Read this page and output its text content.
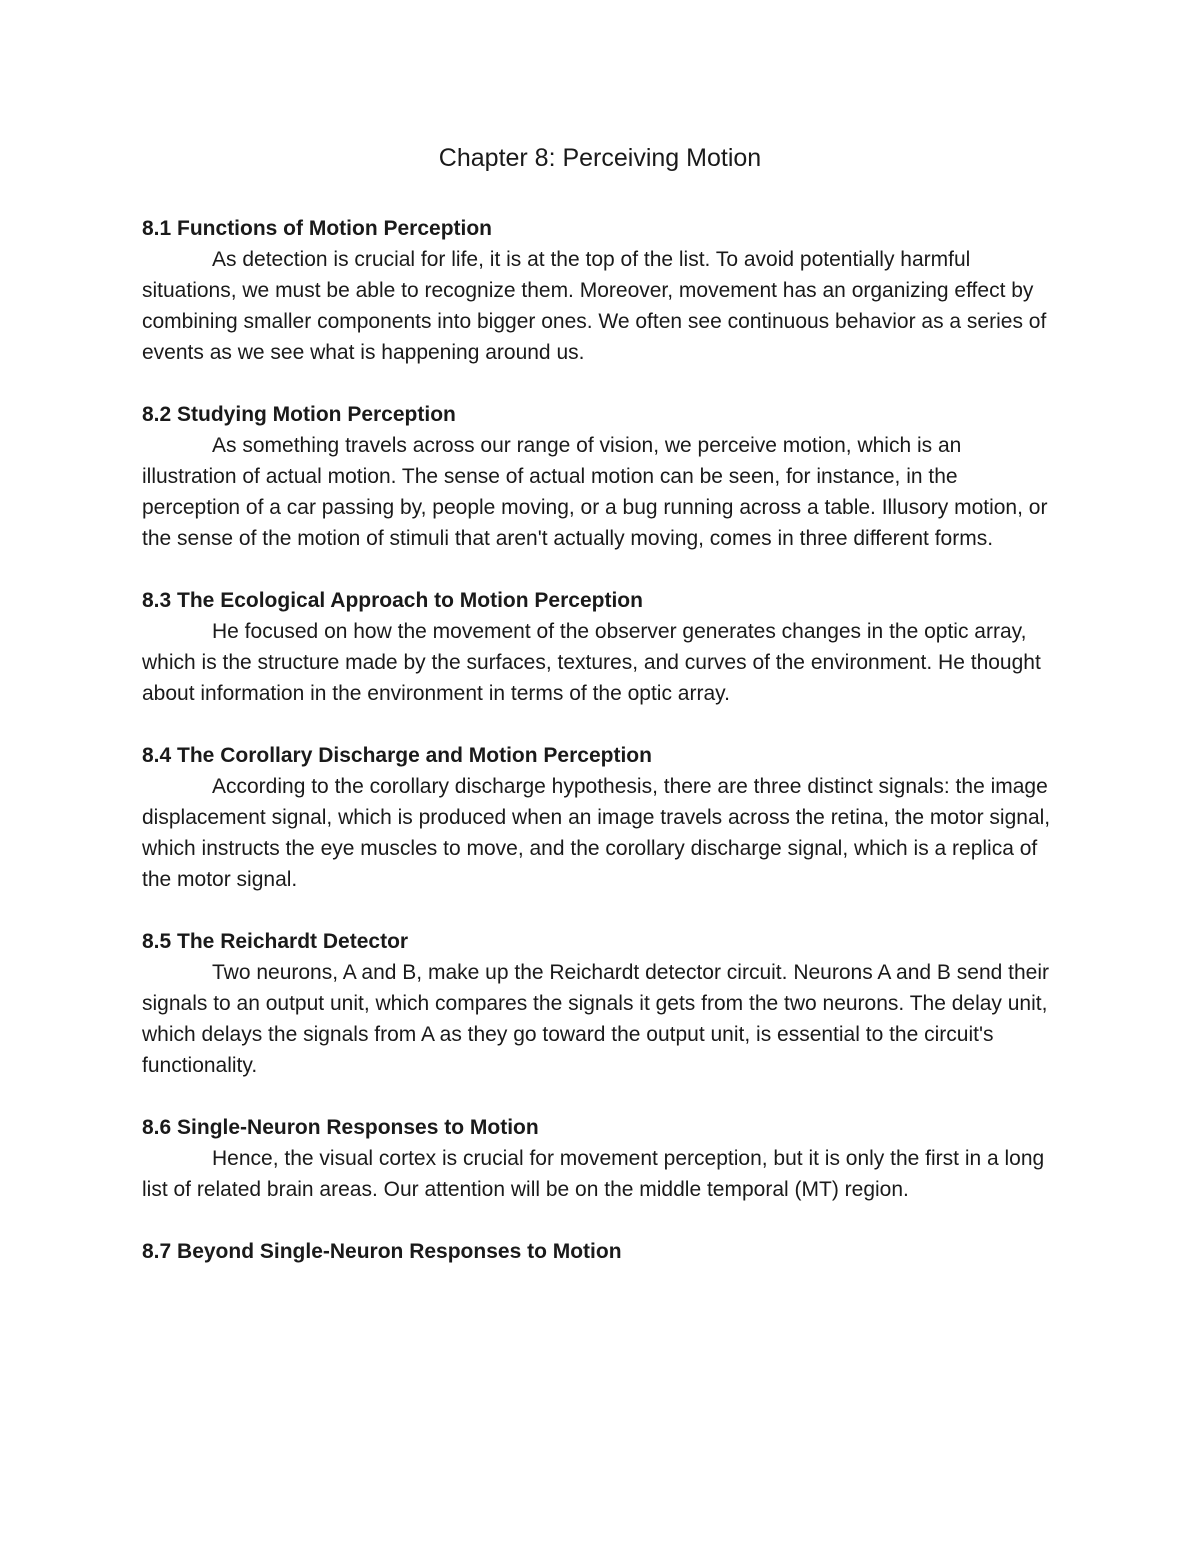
Chapter 8: Perceiving Motion

8.1 Functions of Motion Perception

As detection is crucial for life, it is at the top of the list. To avoid potentially harmful situations, we must be able to recognize them. Moreover, movement has an organizing effect by combining smaller components into bigger ones. We often see continuous behavior as a series of events as we see what is happening around us.

8.2 Studying Motion Perception

As something travels across our range of vision, we perceive motion, which is an illustration of actual motion. The sense of actual motion can be seen, for instance, in the perception of a car passing by, people moving, or a bug running across a table. Illusory motion, or the sense of the motion of stimuli that aren't actually moving, comes in three different forms.

8.3 The Ecological Approach to Motion Perception

He focused on how the movement of the observer generates changes in the optic array, which is the structure made by the surfaces, textures, and curves of the environment. He thought about information in the environment in terms of the optic array.

8.4 The Corollary Discharge and Motion Perception

According to the corollary discharge hypothesis, there are three distinct signals: the image displacement signal, which is produced when an image travels across the retina, the motor signal, which instructs the eye muscles to move, and the corollary discharge signal, which is a replica of the motor signal.

8.5 The Reichardt Detector

Two neurons, A and B, make up the Reichardt detector circuit. Neurons A and B send their signals to an output unit, which compares the signals it gets from the two neurons. The delay unit, which delays the signals from A as they go toward the output unit, is essential to the circuit's functionality.

8.6 Single-Neuron Responses to Motion

Hence, the visual cortex is crucial for movement perception, but it is only the first in a long list of related brain areas. Our attention will be on the middle temporal (MT) region.

8.7 Beyond Single-Neuron Responses to Motion
